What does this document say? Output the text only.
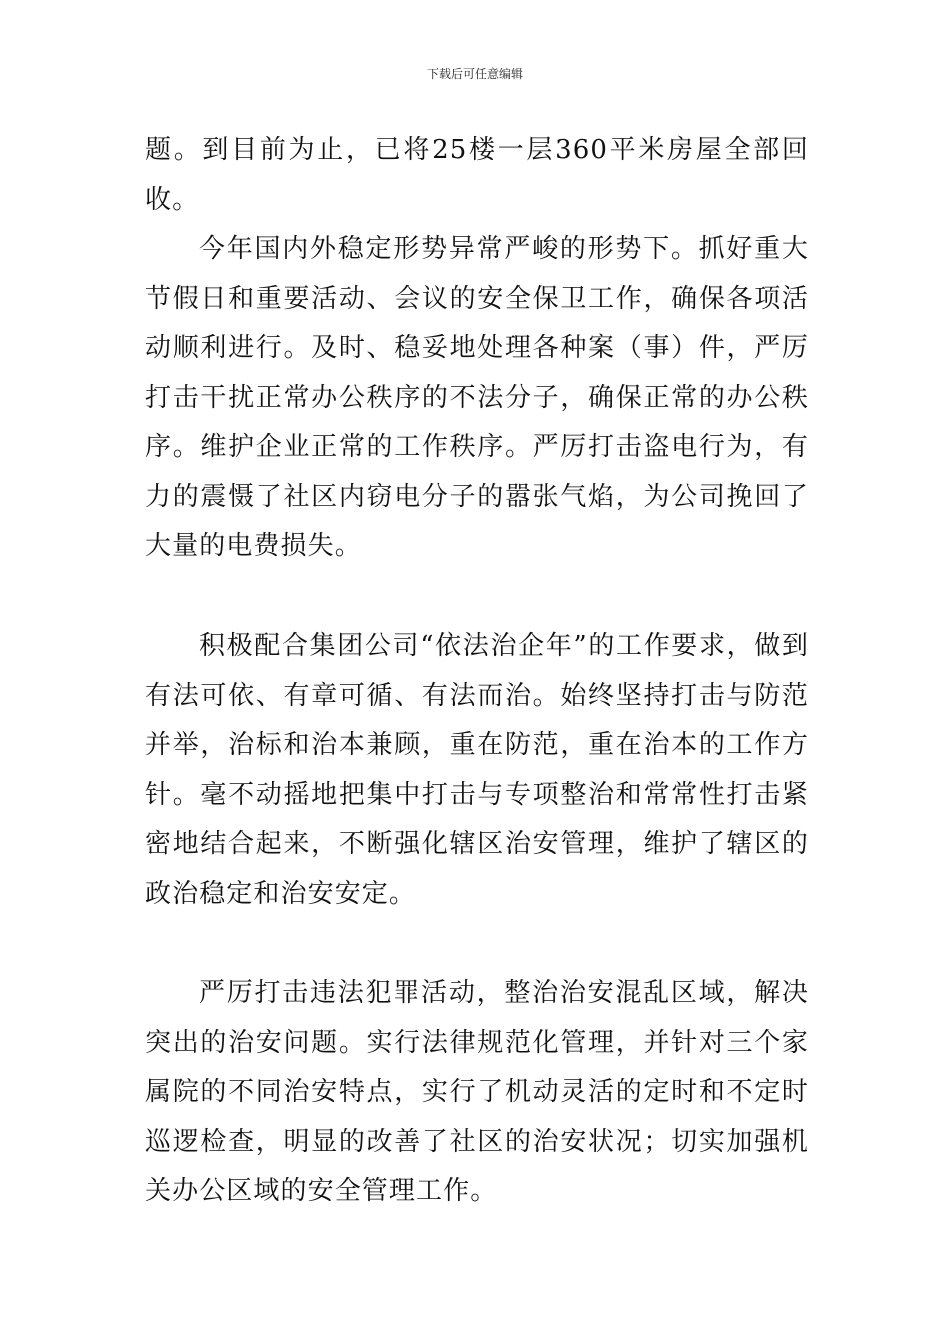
下载后可任意编辑

题。到目前为止，已将25楼一层360平米房屋全部回收。

今年国内外稳定形势异常严峻的形势下。抓好重大节假日和重要活动、会议的安全保卫工作，确保各项活动顺利进行。及时、稳妥地处理各种案（事）件，严厉打击干扰正常办公秩序的不法分子，确保正常的办公秩序。维护企业正常的工作秩序。严厉打击盗电行为，有力的震慑了社区内窃电分子的嚣张气焰，为公司挽回了大量的电费损失。

积极配合集团公司“依法治企年”的工作要求，做到有法可依、有章可循、有法而治。始终坚持打击与防范并举，治标和治本兼顾，重在防范，重在治本的工作方针。毫不动摇地把集中打击与专项整治和常常性打击紧密地结合起来，不断强化辖区治安管理，维护了辖区的政治稳定和治安安定。

严厉打击违法犯罪活动，整治治安混乱区域，解决突出的治安问题。实行法律规范化管理，并针对三个家属院的不同治安特点，实行了机动灵活的定时和不定时巡逻检查，明显的改善了社区的治安状况；切实加强机关办公区域的安全管理工作。
